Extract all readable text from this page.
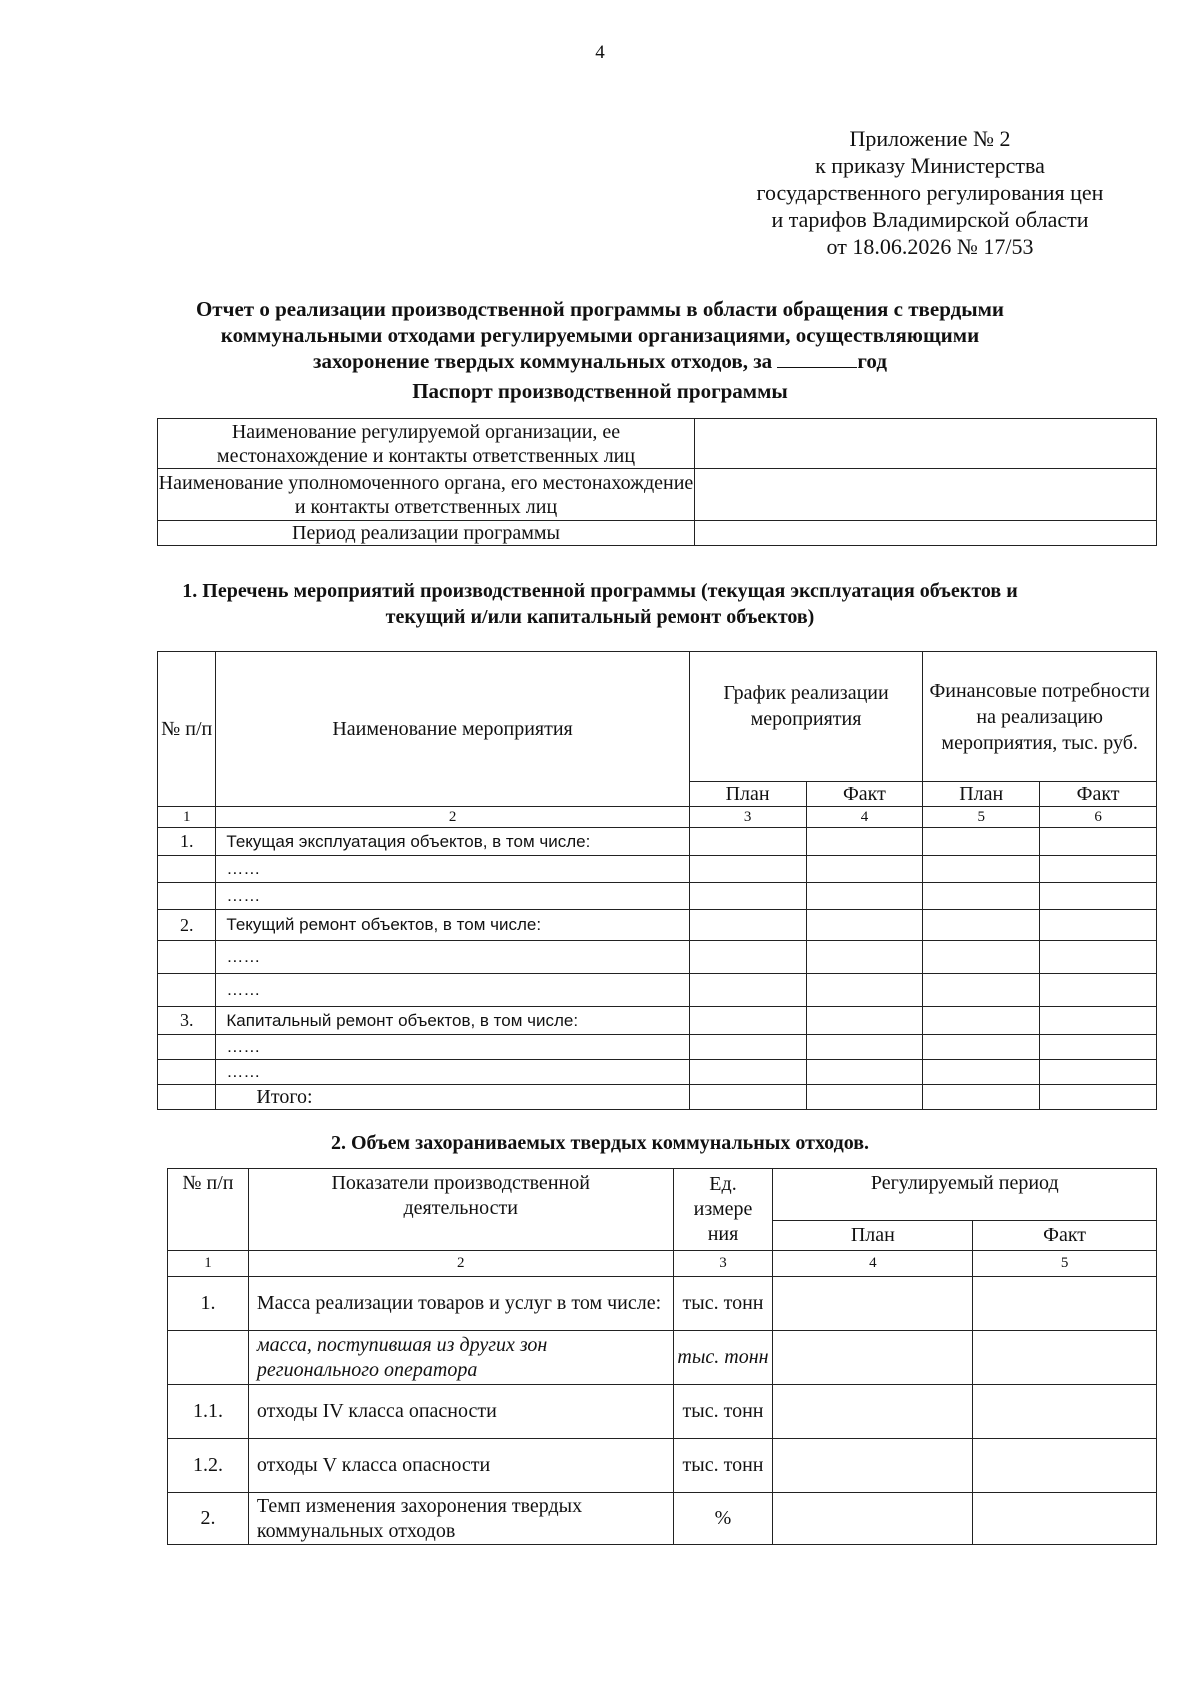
4
Приложение № 2
к приказу Министерства
государственного регулирования цен
и тарифов Владимирской области
от 18.06.2026 № 17/53
Отчет о реализации производственной программы в области обращения с твердыми
коммунальными отходами регулируемыми организациями, осуществляющими
захоронение твердых коммунальных отходов, за	год
Паспорт производственной программы
Наименование регулируемой организации, ее местонахождение и контакты ответственных лиц	
Наименование уполномоченного органа, его местонахождение и контакты ответственных лиц	
Период реализации программы	
1. Перечень мероприятий производственной программы (текущая эксплуатация объектов и
текущий и/или капитальный ремонт объектов)
№ п/п	Наименование мероприятия	График реализации мероприятия		Финансовые потребности на реализацию мероприятия, тыс. руб.	
		План	Факт	План	Факт
1	2	3	4	5	6
1.	Текущая эксплуатация объектов, в том числе:				
	……				
	……				
2.	Текущий ремонт объектов, в том числе:				
	……				
	……				
3.	Капитальный ремонт объектов, в том числе:				
	……				
	……				
	Итого:				
2. Объем захораниваемых твердых коммунальных отходов.
№ п/п	Показатели производственной деятельности	Ед. измере ния	Регулируемый период	
			План	Факт
1	2	3	4	5
1.	Масса реализации товаров и услуг в том числе:	тыс. тонн		
	масса, поступившая из других зон регионального оператора	тыс. тонн		
1.1.	отходы IV класса опасности	тыс. тонн		
1.2.	отходы V класса опасности	тыс. тонн		
2.	Темп изменения захоронения твердых коммунальных отходов	%		
